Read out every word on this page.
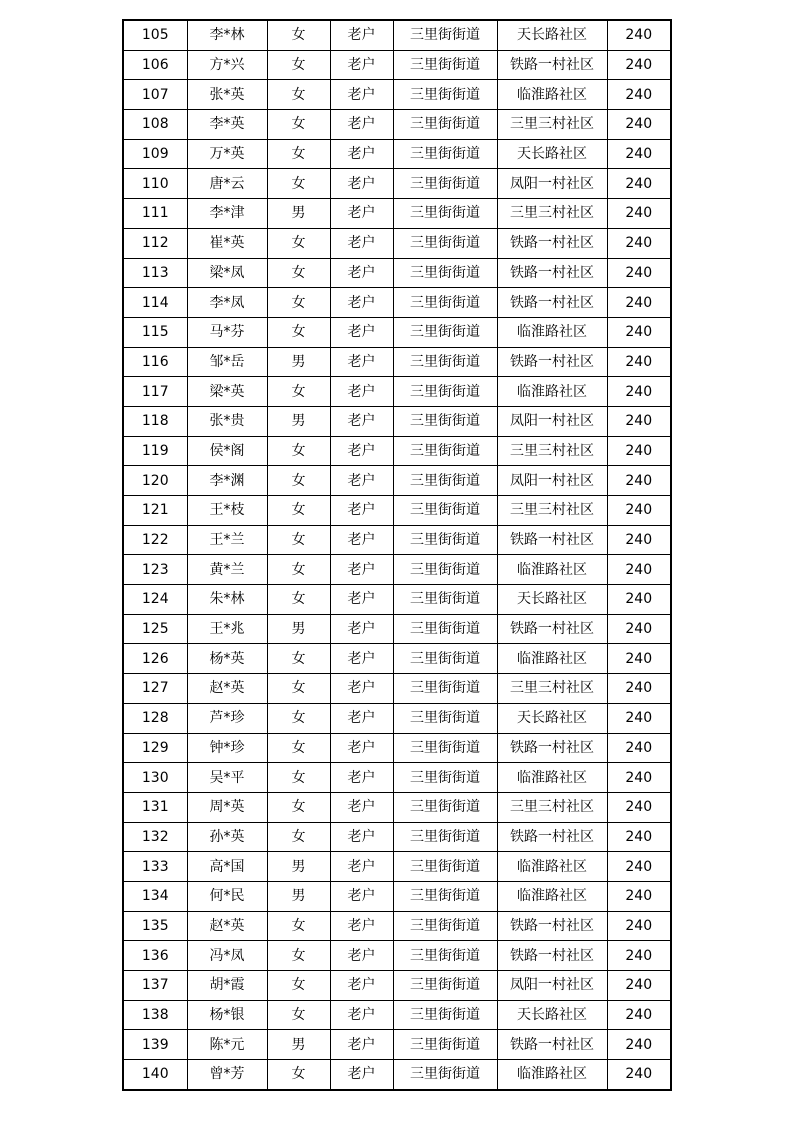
105	李*林	女	老户	三里街街道	天长路社区	240
106	方*兴	女	老户	三里街街道	铁路一村社区	240
107	张*英	女	老户	三里街街道	临淮路社区	240
108	李*英	女	老户	三里街街道	三里三村社区	240
109	万*英	女	老户	三里街街道	天长路社区	240
110	唐*云	女	老户	三里街街道	凤阳一村社区	240
111	李*津	男	老户	三里街街道	三里三村社区	240
112	崔*英	女	老户	三里街街道	铁路一村社区	240
113	梁*凤	女	老户	三里街街道	铁路一村社区	240
114	李*凤	女	老户	三里街街道	铁路一村社区	240
115	马*芬	女	老户	三里街街道	临淮路社区	240
116	邹*岳	男	老户	三里街街道	铁路一村社区	240
117	梁*英	女	老户	三里街街道	临淮路社区	240
118	张*贵	男	老户	三里街街道	凤阳一村社区	240
119	侯*阁	女	老户	三里街街道	三里三村社区	240
120	李*渊	女	老户	三里街街道	凤阳一村社区	240
121	王*枝	女	老户	三里街街道	三里三村社区	240
122	王*兰	女	老户	三里街街道	铁路一村社区	240
123	黄*兰	女	老户	三里街街道	临淮路社区	240
124	朱*林	女	老户	三里街街道	天长路社区	240
125	王*兆	男	老户	三里街街道	铁路一村社区	240
126	杨*英	女	老户	三里街街道	临淮路社区	240
127	赵*英	女	老户	三里街街道	三里三村社区	240
128	芦*珍	女	老户	三里街街道	天长路社区	240
129	钟*珍	女	老户	三里街街道	铁路一村社区	240
130	吴*平	女	老户	三里街街道	临淮路社区	240
131	周*英	女	老户	三里街街道	三里三村社区	240
132	孙*英	女	老户	三里街街道	铁路一村社区	240
133	高*国	男	老户	三里街街道	临淮路社区	240
134	何*民	男	老户	三里街街道	临淮路社区	240
135	赵*英	女	老户	三里街街道	铁路一村社区	240
136	冯*凤	女	老户	三里街街道	铁路一村社区	240
137	胡*霞	女	老户	三里街街道	凤阳一村社区	240
138	杨*银	女	老户	三里街街道	天长路社区	240
139	陈*元	男	老户	三里街街道	铁路一村社区	240
140	曾*芳	女	老户	三里街街道	临淮路社区	240
